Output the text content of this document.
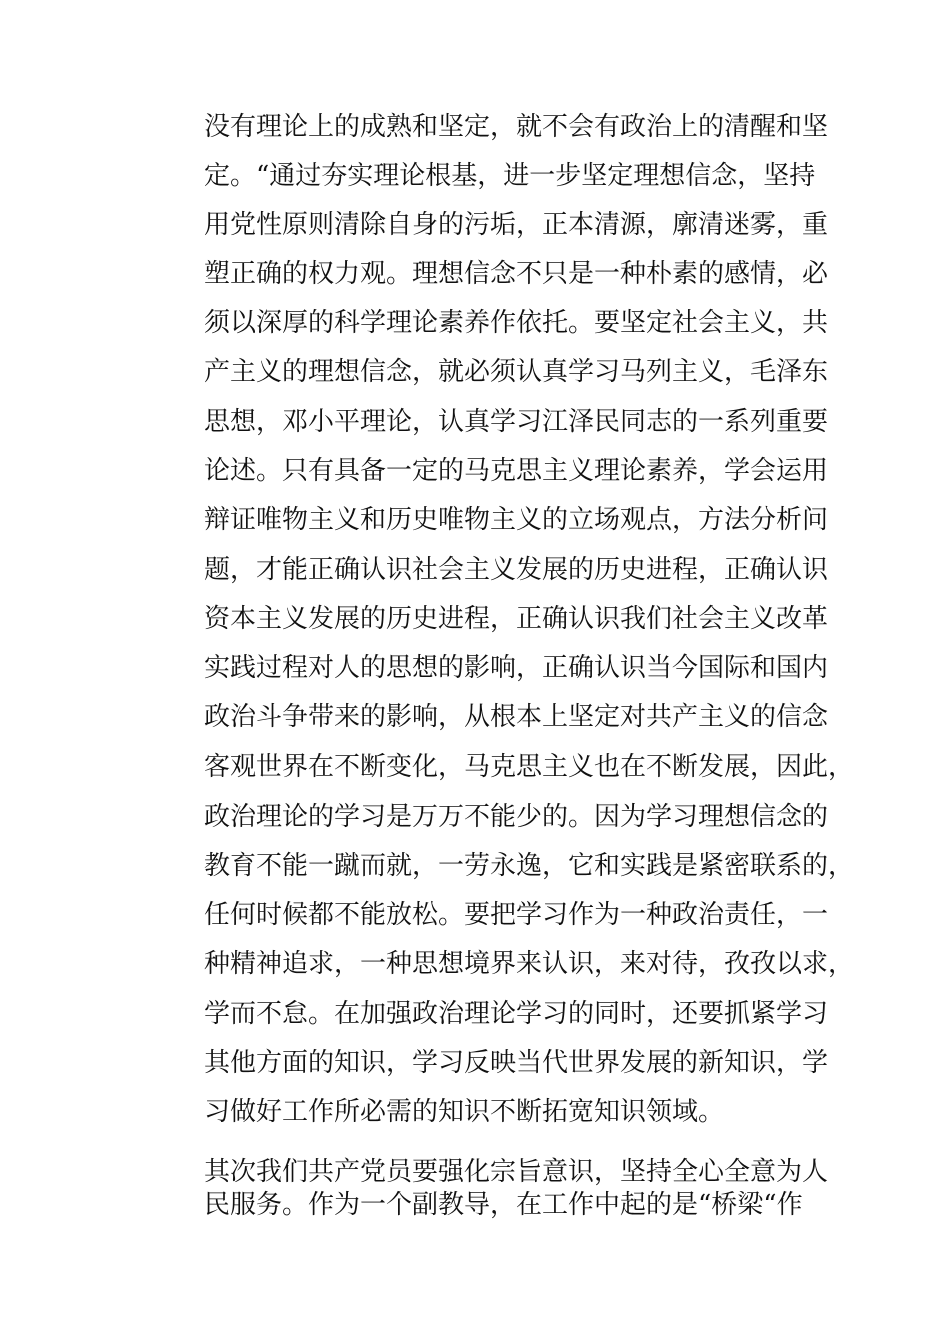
没有理论上的成熟和坚定，就不会有政治上的清醒和坚
定。“通过夯实理论根基，进一步坚定理想信念，坚持
用党性原则清除自身的污垢，正本清源，廓清迷雾，重
塑正确的权力观。理想信念不只是一种朴素的感情，必
须以深厚的科学理论素养作依托。要坚定社会主义，共
产主义的理想信念，就必须认真学习马列主义，毛泽东
思想，邓小平理论，认真学习江泽民同志的一系列重要
论述。只有具备一定的马克思主义理论素养，学会运用
辩证唯物主义和历史唯物主义的立场观点，方法分析问
题，才能正确认识社会主义发展的历史进程，正确认识
资本主义发展的历史进程，正确认识我们社会主义改革
实践过程对人的思想的影响，正确认识当今国际和国内
政治斗争带来的影响，从根本上坚定对共产主义的信念
客观世界在不断变化，马克思主义也在不断发展，因此，
政治理论的学习是万万不能少的。因为学习理想信念的
教育不能一蹴而就，一劳永逸，它和实践是紧密联系的，
任何时候都不能放松。要把学习作为一种政治责任，一
种精神追求，一种思想境界来认识，来对待，孜孜以求，
学而不怠。在加强政治理论学习的同时，还要抓紧学习
其他方面的知识，学习反映当代世界发展的新知识，学
习做好工作所必需的知识不断拓宽知识领域。
其次我们共产党员要强化宗旨意识，坚持全心全意为人
民服务。作为一个副教导，在工作中起的是“桥梁“作
